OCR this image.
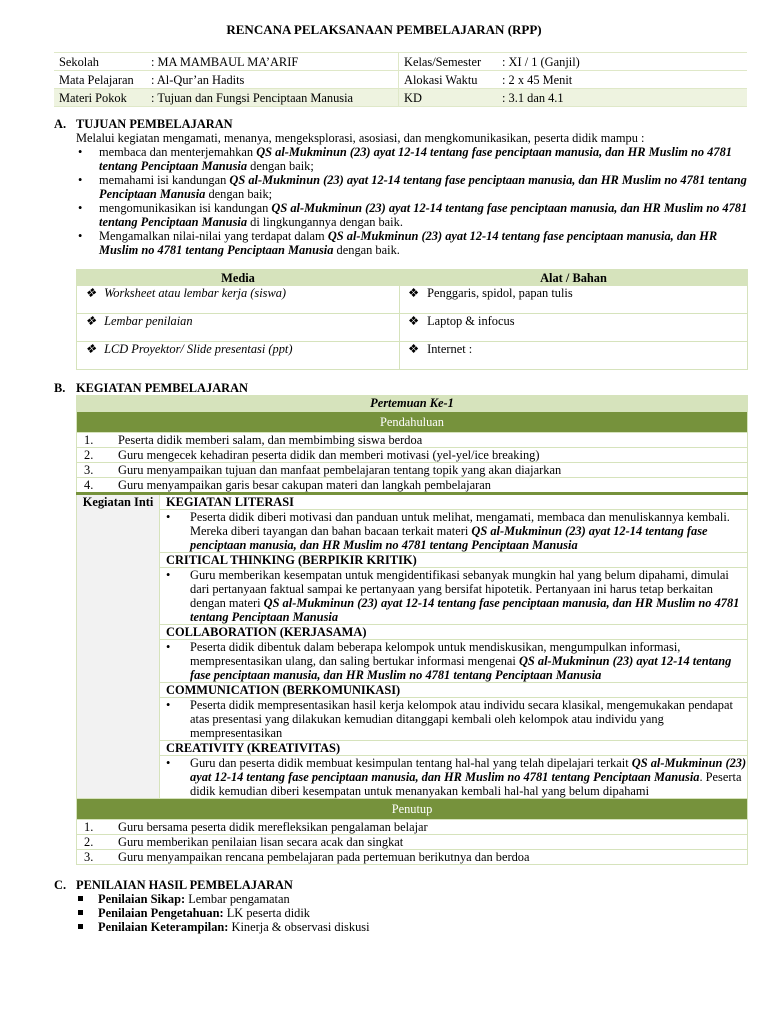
RENCANA PELAKSANAAN PEMBELAJARAN (RPP)
Sekolah	: MA MAMBAUL MA’ARIF	Kelas/Semester	: XI / 1 (Ganjil)
Mata Pelajaran	: Al-Qur’an Hadits	Alokasi Waktu	: 2 x 45 Menit
Materi Pokok	: Tujuan dan Fungsi Penciptaan Manusia	KD	: 3.1 dan 4.1
A. TUJUAN PEMBELAJARAN
Melalui kegiatan mengamati, menanya, mengeksplorasi, asosiasi, dan mengkomunikasikan, peserta didik mampu :
• membaca dan menterjemahkan QS al-Mukminun (23) ayat 12-14 tentang fase penciptaan manusia, dan HR Muslim no 4781 tentang Penciptaan Manusia dengan baik;
• memahami isi kandungan QS al-Mukminun (23) ayat 12-14 tentang fase penciptaan manusia, dan HR Muslim no 4781 tentang Penciptaan Manusia dengan baik;
• mengomunikasikan isi kandungan QS al-Mukminun (23) ayat 12-14 tentang fase penciptaan manusia, dan HR Muslim no 4781 tentang Penciptaan Manusia di lingkungannya dengan baik.
• Mengamalkan nilai-nilai yang terdapat dalam QS al-Mukminun (23) ayat 12-14 tentang fase penciptaan manusia, dan HR Muslim no 4781 tentang Penciptaan Manusia dengan baik.
Media	Alat / Bahan
❖ Worksheet atau lembar kerja (siswa)	❖ Penggaris, spidol, papan tulis
❖ Lembar penilaian	❖ Laptop & infocus
❖ LCD Proyektor/ Slide presentasi (ppt)	❖ Internet :
B. KEGIATAN PEMBELAJARAN
Pertemuan Ke-1
Pendahuluan
1. Peserta didik memberi salam, dan membimbing siswa berdoa
2. Guru mengecek kehadiran peserta didik dan memberi motivasi (yel-yel/ice breaking)
3. Guru menyampaikan tujuan dan manfaat pembelajaran tentang topik yang akan diajarkan
4. Guru menyampaikan garis besar cakupan materi dan langkah pembelajaran
Kegiatan Inti	KEGIATAN LITERASI

• Peserta didik diberi motivasi dan panduan untuk melihat, mengamati, membaca dan menuliskannya kembali. Mereka diberi tayangan dan bahan bacaan terkait materi QS al-Mukminun (23) ayat 12-14 tentang fase penciptaan manusia, dan HR Muslim no 4781 tentang Penciptaan Manusia
CRITICAL THINKING (BERPIKIR KRITIK)

• Guru memberikan kesempatan untuk mengidentifikasi sebanyak mungkin hal yang belum dipahami, dimulai dari pertanyaan faktual sampai ke pertanyaan yang bersifat hipotetik. Pertanyaan ini harus tetap berkaitan dengan materi QS al-Mukminun (23) ayat 12-14 tentang fase penciptaan manusia, dan HR Muslim no 4781 tentang Penciptaan Manusia
COLLABORATION (KERJASAMA)

• Peserta didik dibentuk dalam beberapa kelompok untuk mendiskusikan, mengumpulkan informasi, mempresentasikan ulang, dan saling bertukar informasi mengenai QS al-Mukminun (23) ayat 12-14 tentang fase penciptaan manusia, dan HR Muslim no 4781 tentang Penciptaan Manusia
COMMUNICATION (BERKOMUNIKASI)

• Peserta didik mempresentasikan hasil kerja kelompok atau individu secara klasikal, mengemukakan pendapat atas presentasi yang dilakukan kemudian ditanggapi kembali oleh kelompok atau individu yang mempresentasikan
CREATIVITY (KREATIVITAS)

• Guru dan peserta didik membuat kesimpulan tentang hal-hal yang telah dipelajari terkait QS al-Mukminun (23) ayat 12-14 tentang fase penciptaan manusia, dan HR Muslim no 4781 tentang Penciptaan Manusia. Peserta didik kemudian diberi kesempatan untuk menanyakan kembali hal-hal yang belum dipahami
Penutup
1. Guru bersama peserta didik merefleksikan pengalaman belajar
2. Guru memberikan penilaian lisan secara acak dan singkat
3. Guru menyampaikan rencana pembelajaran pada pertemuan berikutnya dan berdoa
C. PENILAIAN HASIL PEMBELAJARAN
Penilaian Sikap: Lembar pengamatan
Penilaian Pengetahuan: LK peserta didik
Penilaian Keterampilan: Kinerja & observasi diskusi
